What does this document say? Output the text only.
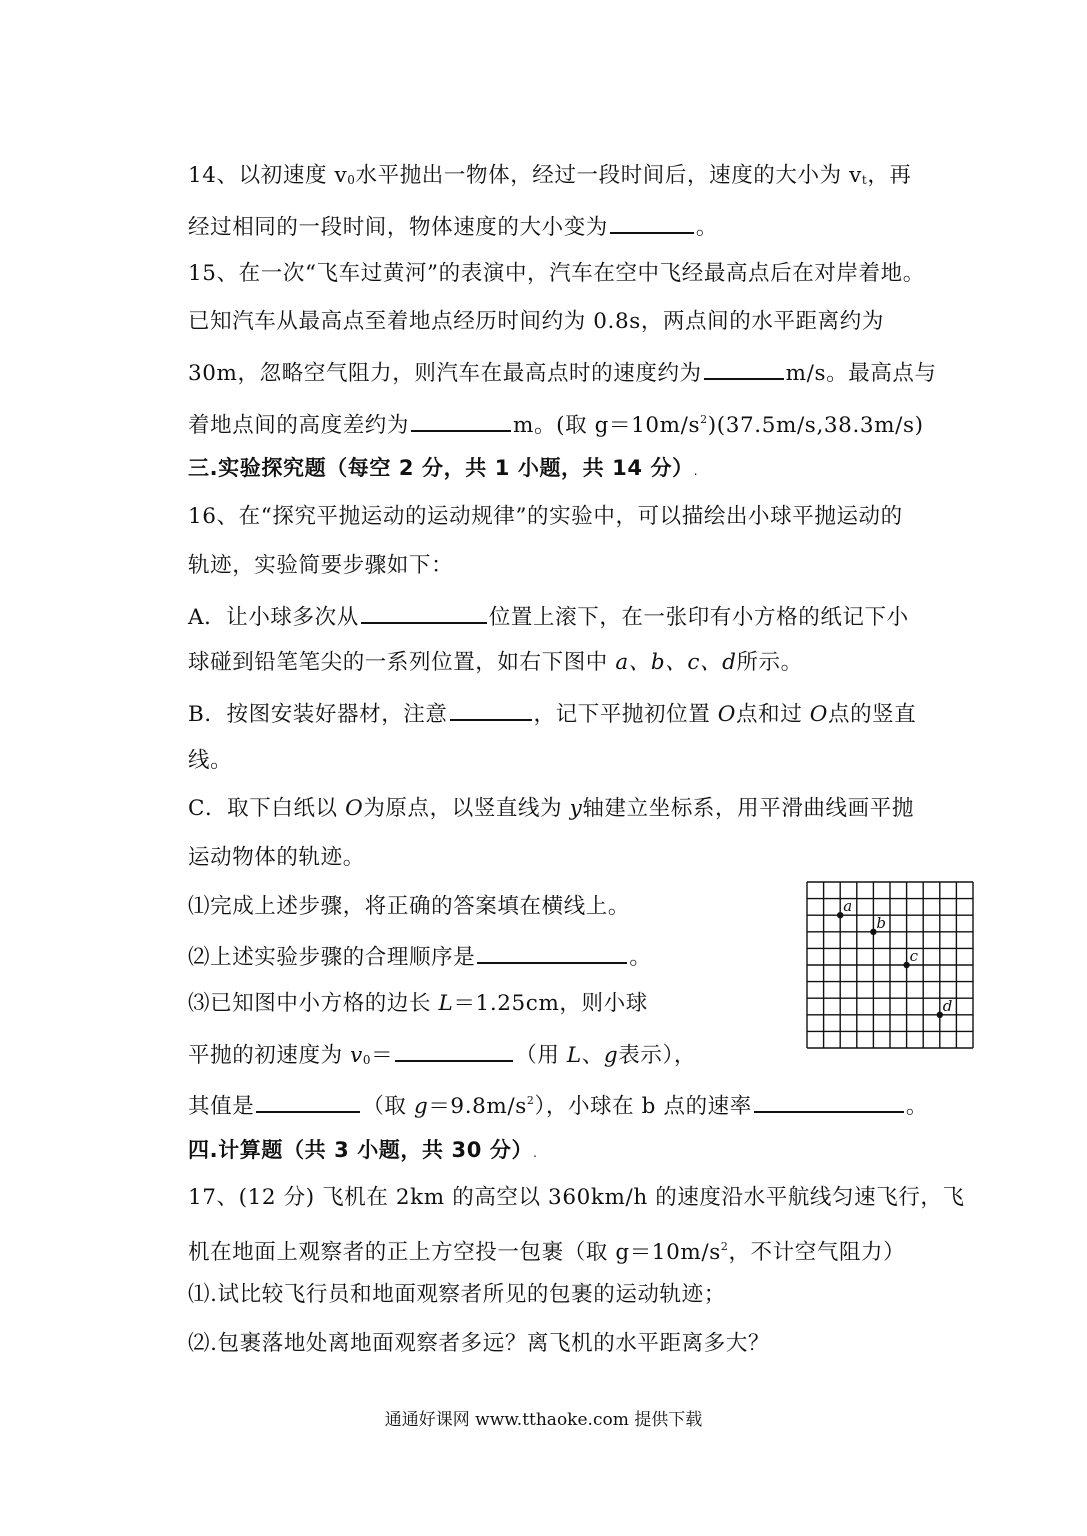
14、以初速度 v0水平抛出一物体，经过一段时间后，速度的大小为 vt，再
经过相同的一段时间，物体速度的大小变为	。
15、在一次“飞车过黄河”的表演中，汽车在空中飞经最高点后在对岸着地。
已知汽车从最高点至着地点经历时间约为 0.8s，两点间的水平距离约为
30m，忽略空气阻力，则汽车在最高点时的速度约为	m/s。最高点与
着地点间的高度差约为	m。(取 $g=10m/s^2)(37.5m/s,38.3m/s)$
三.实验探究题（每空 2 分，共 1 小题，共 14 分）.
16、在“探究平抛运动的运动规律”的实验中，可以描绘出小球平抛运动的
轨迹，实验简要步骤如下：
A．让小球多次从	位置上滚下，在一张印有小方格的纸记下小
球碰到铅笔笔尖的一系列位置，如右下图中 a、b、c、d所示。
B．按图安装好器材，注意	，记下平抛初位置 O点和过 O点的竖直
线。
C．取下白纸以 O为原点，以竖直线为 y轴建立坐标系，用平滑曲线画平抛
运动物体的轨迹。
⑴完成上述步骤，将正确的答案填在横线上。
⑵上述实验步骤的合理顺序是	。
⑶已知图中小方格的边长 L＝1.25cm，则小球
平抛的初速度为 v0＝	（用 L、g表示），
其值是	（取 $g=9.8m/s^2$），小球在 b 点的速率	。
a
b
c
d
四.计算题（共 3 小题，共 30 分）.
17、(12 分) 飞机在 2km 的高空以 360km/h 的速度沿水平航线匀速飞行，飞
机在地面上观察者的正上方空投一包裹（取 $g=10m/s^2$，不计空气阻力）
⑴.试比较飞行员和地面观察者所见的包裹的运动轨迹；
⑵.包裹落地处离地面观察者多远？离飞机的水平距离多大？
通通好课网 www.tthaoke.com 提供下载
